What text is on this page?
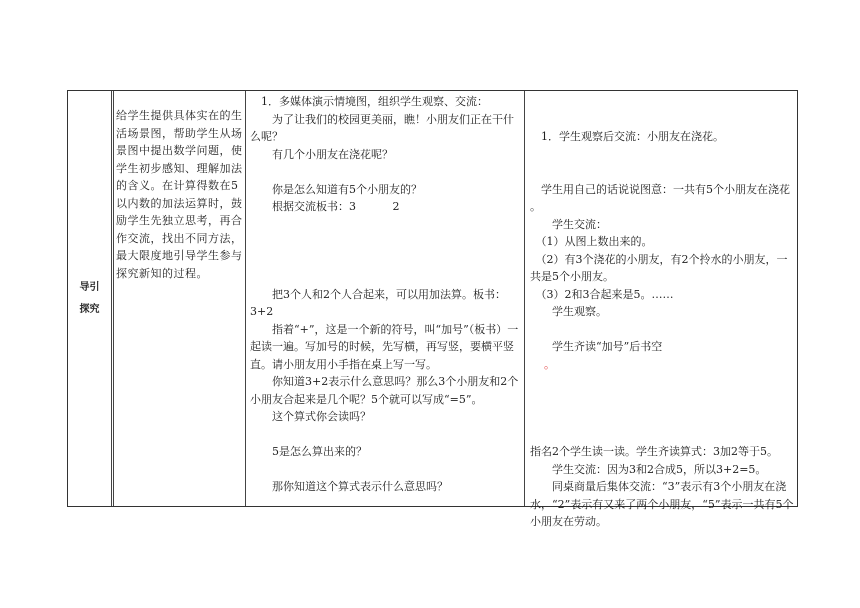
导引
探究
给学生提供具体实在的生活场景图，帮助学生从场景图中提出数学问题，使学生初步感知、理解加法的含义。在计算得数在5以内数的加法运算时，鼓励学生先独立思考，再合作交流，找出不同方法，最大限度地引导学生参与探究新知的过程。
　1．多媒体演示情境图，组织学生观察、交流：
　　为了让我们的校园更美丽，瞧！小朋友们正在干什么呢？
　　有几个小朋友在浇花呢？
　　你是怎么知道有5个小朋友的？
　　根据交流板书：3　　　 2
　　把3个人和2个人合起来，可以用加法算。板书：3+2
　　指着“+”，这是一个新的符号，叫“加号”（板书）一起读一遍。写加号的时候，先写横，再写竖，要横平竖直。请小朋友用小手指在桌上写一写。
　　你知道3+2表示什么意思吗？那么3个小朋友和2个小朋友合起来是几个呢？5个就可以写成“=5”。
　　这个算式你会读吗？
　　5是怎么算出来的？
　　那你知道这个算式表示什么意思吗？

　1．学生观察后交流：小朋友在浇花。
　学生用自己的话说说图意：一共有5个小朋友在浇花 。
　　学生交流：
　（1）从图上数出来的。
　（2）有3个浇花的小朋友，有2个拎水的小朋友，一共是5个小朋友。
　（3）2和3合起来是5。……
　　学生观察。
　　学生齐读“加号”后书空
。

指名2个学生读一读。学生齐读算式：3加2等于5。
　　学生交流：因为3和2合成5，所以3+2=5。
　　同桌商量后集体交流：“3”表示有3个小朋友在浇水，“2”表示有又来了两个小朋友，“5”表示一共有5个小朋友在劳动。
